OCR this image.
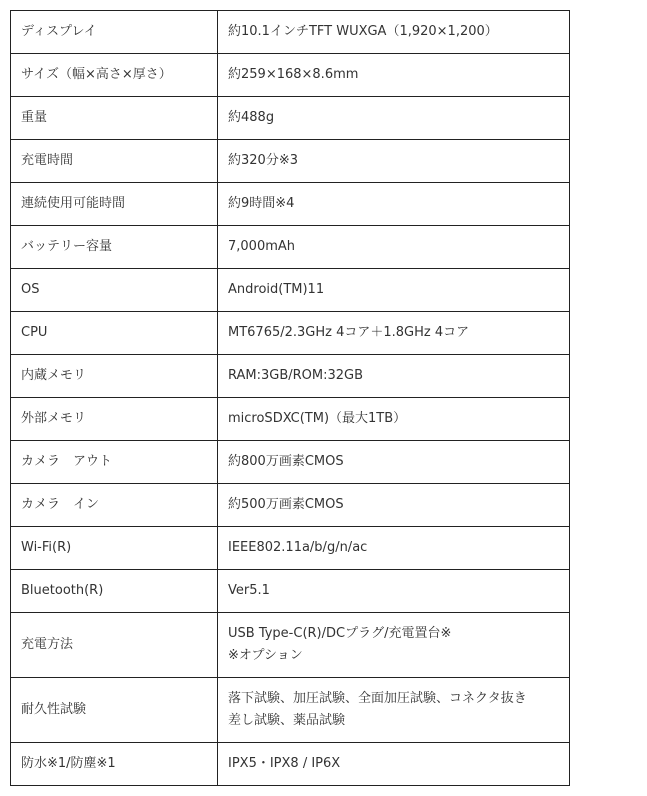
ディスプレイ	約10.1インチTFT WUXGA（1,920×1,200）

サイズ（幅×高さ×厚さ）	約259×168×8.6mm

重量	約488g

充電時間	約320分※3

連続使用可能時間	約9時間※4

バッテリー容量	7,000mAh

OS	Android(TM)11

CPU	MT6765/2.3GHz 4コア＋1.8GHz 4コア

内蔵メモリ	RAM:3GB/ROM:32GB

外部メモリ	microSDXC(TM)（最大1TB）

カメラ　アウト	約800万画素CMOS

カメラ　イン	約500万画素CMOS

Wi-Fi(R)	IEEE802.11a/b/g/n/ac

Bluetooth(R)	Ver5.1

充電方法	USB Type-C(R)/DCプラグ/充電置台※
※オプション

耐久性試験	落下試験、加圧試験、全面加圧試験、コネクタ抜き
差し試験、薬品試験

防水※1/防塵※1	IPX5・IPX8 / IP6X
